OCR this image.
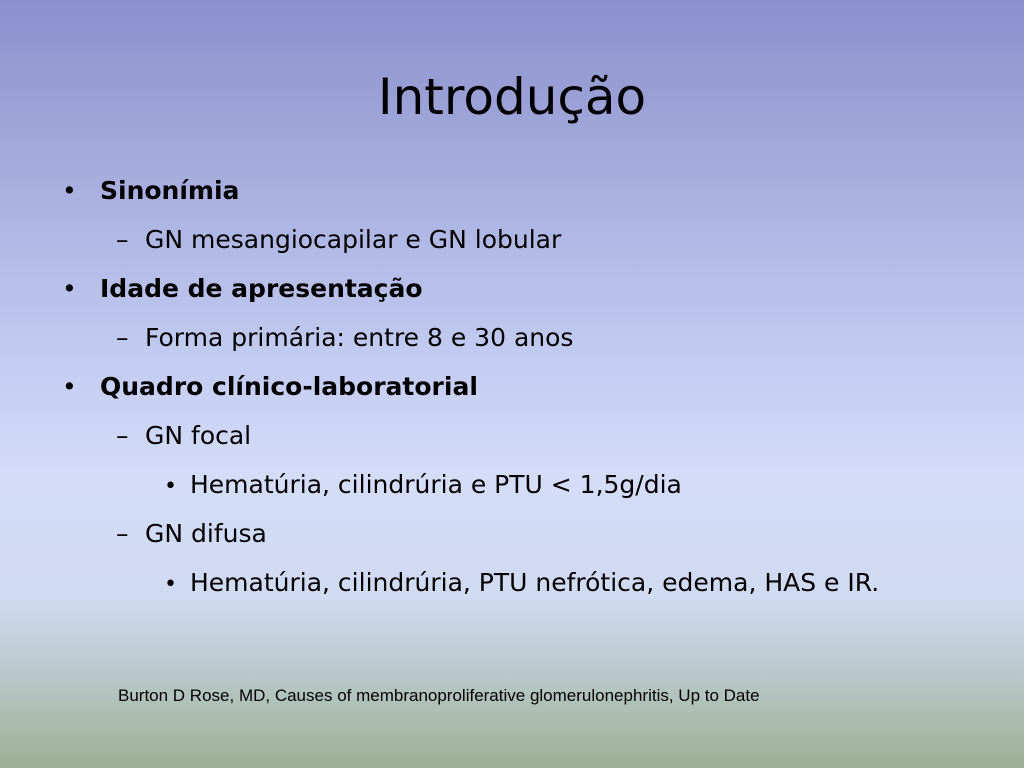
Introdução
• Sinonímia
– GN mesangiocapilar e GN lobular
• Idade de apresentação
– Forma primária: entre 8 e 30 anos
• Quadro clínico-laboratorial
– GN focal
• Hematúria, cilindrúria e PTU < 1,5g/dia
– GN difusa
• Hematúria, cilindrúria, PTU nefrótica, edema, HAS e IR.
Burton D Rose, MD, Causes of membranoproliferative glomerulonephritis, Up to Date
